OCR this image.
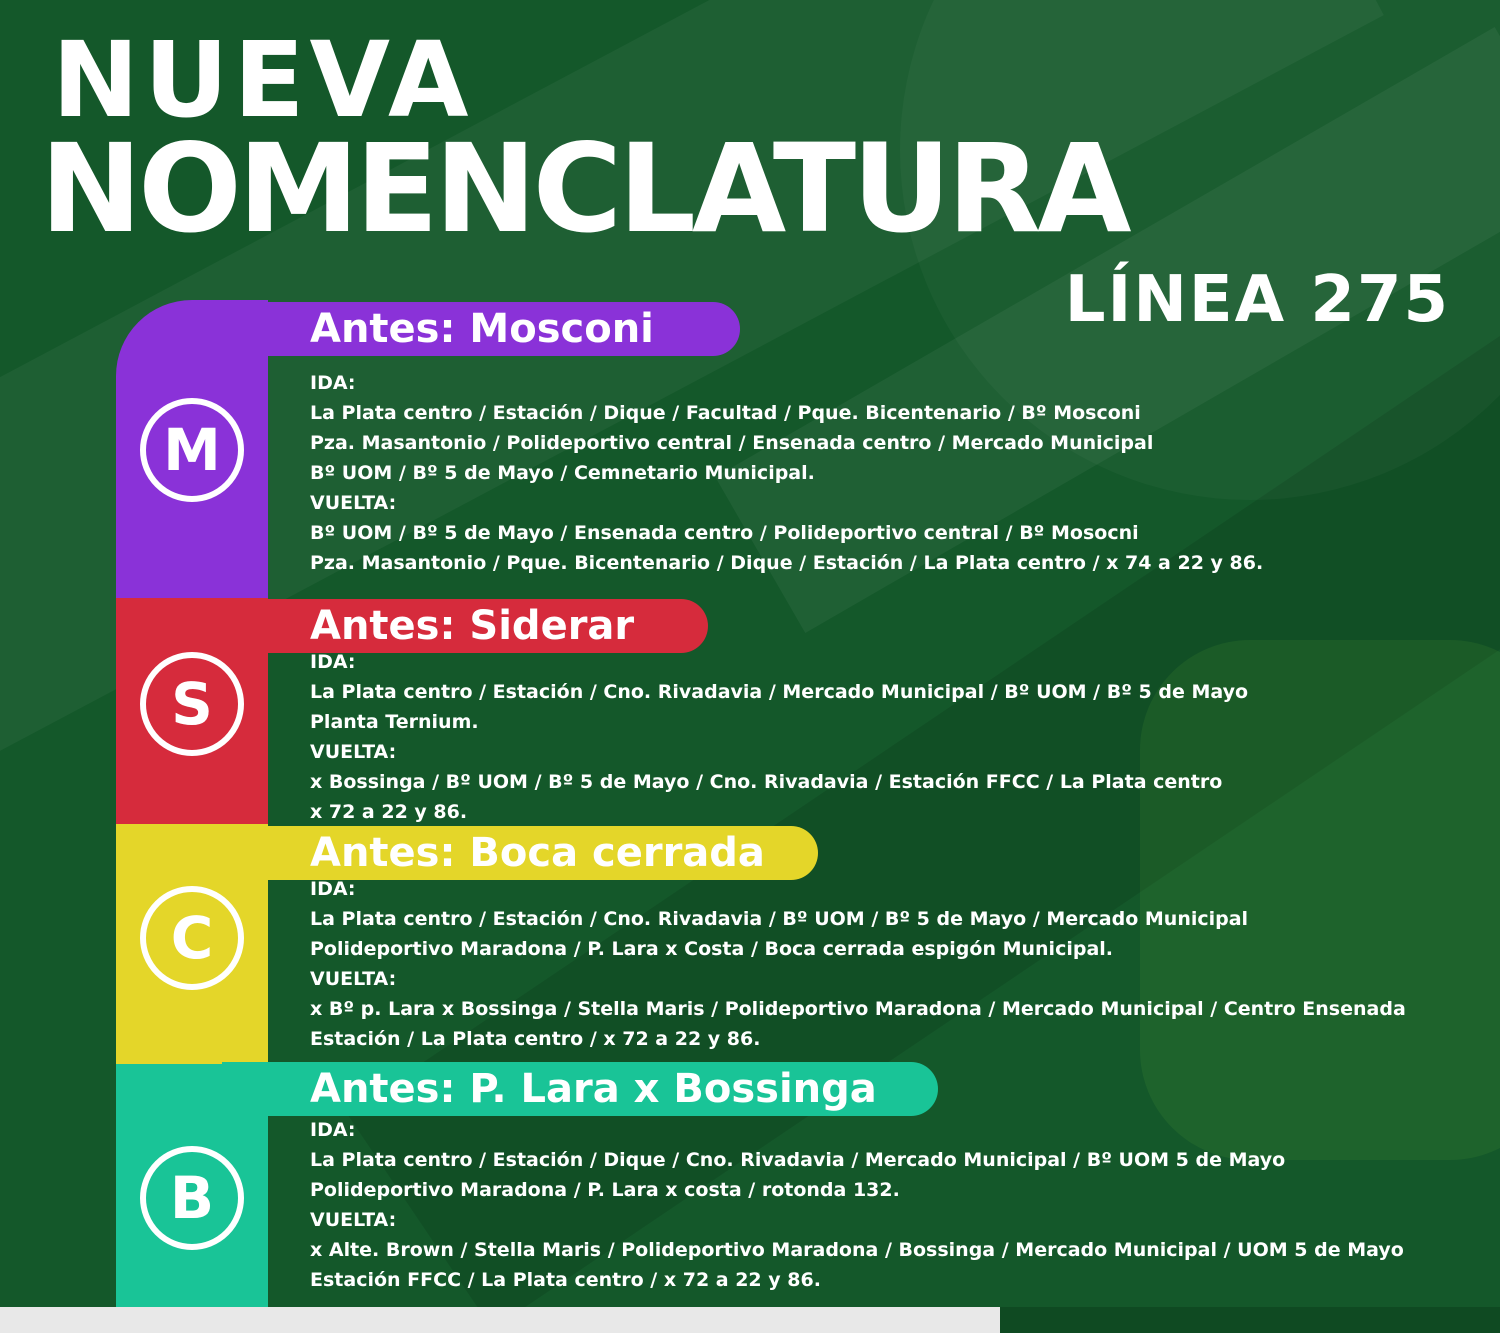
NUEVA
NOMENCLATURA
LÍNEA 275
Antes: Mosconi
M
IDA:
La Plata centro / Estación / Dique / Facultad / Pque. Bicentenario / Bº Mosconi
Pza. Masantonio / Polideportivo central / Ensenada centro / Mercado Municipal
Bº UOM / Bº 5 de Mayo / Cemnetario Municipal.
VUELTA:
Bº UOM / Bº 5 de Mayo / Ensenada centro / Polideportivo central / Bº Mosocni
Pza. Masantonio / Pque. Bicentenario / Dique / Estación / La Plata centro / x 74 a 22 y 86.
Antes: Siderar
S
IDA:
La Plata centro / Estación / Cno. Rivadavia / Mercado Municipal / Bº UOM / Bº 5 de Mayo
Planta Ternium.
VUELTA:
x Bossinga / Bº UOM / Bº 5 de Mayo / Cno. Rivadavia / Estación FFCC / La Plata centro
x 72 a 22 y 86.
Antes: Boca cerrada
C
IDA:
La Plata centro / Estación / Cno. Rivadavia / Bº UOM / Bº 5 de Mayo / Mercado Municipal
Polideportivo Maradona / P. Lara x Costa / Boca cerrada espigón Municipal.
VUELTA:
x Bº p. Lara x Bossinga / Stella Maris / Polideportivo Maradona / Mercado Municipal / Centro Ensenada
Estación / La Plata centro / x 72 a 22 y 86.
Antes: P. Lara x Bossinga
B
IDA:
La Plata centro / Estación / Dique / Cno. Rivadavia / Mercado Municipal / Bº UOM 5 de Mayo
Polideportivo Maradona / P. Lara x costa / rotonda 132.
VUELTA:
x Alte. Brown / Stella Maris / Polideportivo Maradona / Bossinga / Mercado Municipal / UOM 5 de Mayo
Estación FFCC / La Plata centro / x 72 a 22 y 86.
